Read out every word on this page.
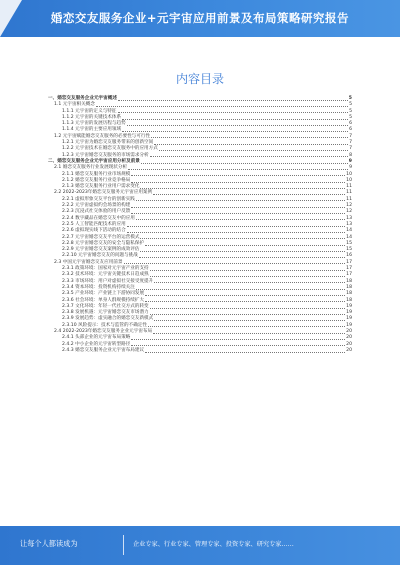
婚恋交友服务企业+元宇宙应用前景及布局策略研究报告
内容目录
一、婚恋交友服务企业元宇宙概述	5
1.1 元宇宙相关概念	5
1.1.1 元宇宙的定义与特征	5
1.1.2 元宇宙的关键技术体系	5
1.1.3 元宇宙的发展历程与趋势	6
1.1.4 元宇宙的主要应用领域	6
1.2 元宇宙赋能婚恋交友服务的必要性与可行性	7
1.2.1 元宇宙为婚恋交友服务带来的创新空间	7
1.2.2 元宇宙技术在婚恋交友服务中的应用方式	7
1.2.3 元宇宙婚恋交友服务的市场需求分析	8
二、婚恋交友服务企业元宇宙应用分析及前景	9
2.1 婚恋交友服务行业发展现状分析	9
2.1.1 婚恋交友服务行业市场规模	10
2.1.2 婚恋交友服务行业竞争格局	10
2.1.3 婚恋交友服务行业用户需求变化	11
2.2 2022-2023年婚恋交友服务元宇宙应用案例	11
2.2.1 虚拟形象交友平台的创新实践	11
2.2.2 元宇宙虚拟约会场景的构建	12
2.2.3 沉浸式社交体验的用户反馈	12
2.2.4 数字藏品在婚恋交友中的应用	13
2.2.5 人工智能匹配技术的应用	13
2.2.6 虚拟现实线下活动的结合	14
2.2.7 元宇宙婚恋交友平台的运营模式	14
2.2.8 元宇宙婚恋交友的安全与隐私保护	15
2.2.9 元宇宙婚恋交友案例的成效评估	15
2.2.10 元宇宙婚恋交友的问题与挑战	16
2.3 中国元宇宙婚恋交友应用前景	17
2.3.1 政策环境：国家对元宇宙产业的支持	17
2.3.2 技术环境：元宇宙关键技术日趋成熟	17
2.3.3 市场环境：用户对虚拟社交接受度提升	18
2.3.4 资本环境：投资机构持续关注	18
2.3.5 产业环境：产业链上下游协同发展	18
2.3.6 社会环境：单身人群规模持续扩大	18
2.3.7 文化环境：年轻一代社交方式的转变	19
2.3.8 发展机遇：元宇宙婚恋交友市场潜力	19
2.3.9 发展趋势：虚实融合的婚恋交友新模式	19
2.3.10 风险提示：技术与监管的不确定性	19
2.4 2022-2023年婚恋交友服务企业元宇宙布局	20
2.4.1 头部企业的元宇宙布局策略	20
2.4.2 中小企业的元宇宙转型路径	20
2.4.3 婚恋交友服务企业元宇宙布局建议	20
让每个人都读成为	企业专家、行业专家、管理专家、投资专家、研究专家……
